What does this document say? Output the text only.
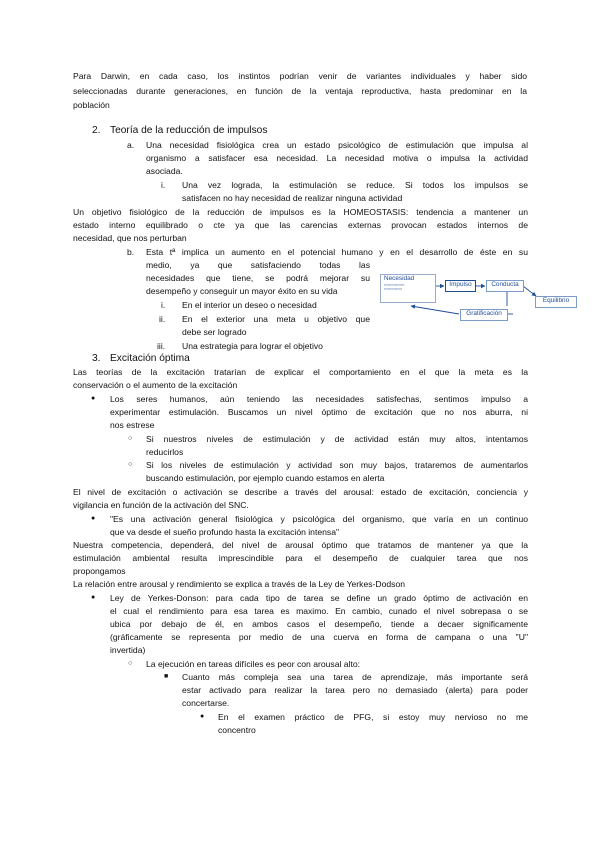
Para Darwin, en cada caso, los instintos podrían venir de variantes individuales y haber sido
seleccionadas durante generaciones, en función de la ventaja reproductiva, hasta predominar en la
población
2. Teoría de la reducción de impulsos
a. Una necesidad fisiológica crea un estado psicológico de estimulación que impulsa al
organismo a satisfacer esa necesidad. La necesidad motiva o impulsa la actividad
asociada.
i. Una vez lograda, la estimulación se reduce. Si todos los impulsos se
satisfacen no hay necesidad de realizar ninguna actividad
Un objetivo fisiológico de la reducción de impulsos es la HOMEOSTASIS: tendencia a mantener un
estado interno equilibrado o cte ya que las carencias externas provocan estados internos de
necesidad, que nos perturban
b. Esta tª implica un aumento en el potencial humano y en el desarrollo de éste en su
medio, ya que satisfaciendo todas las
necesidades que tiene, se podrá mejorar su
desempeño y conseguir un mayor éxito en su vida
i. En el interior un deseo o necesidad
ii. En el exterior una meta u objetivo que
debe ser logrado
iii. Una estrategia para lograr el objetivo
Necesidad
▪▪▪▪▪▪▪▪▪▪▪▪▪▪▪▪▪
▪▪▪▪▪▪▪▪▪▪▪▪▪▪▪
Impulso	Conducta
Equilibrio
Gratificación
3. Excitación óptima
Las teorías de la excitación tratarían de explicar el comportamiento en el que la meta es la
conservación o el aumento de la excitación
● Los seres humanos, aún teniendo las necesidades satisfechas, sentimos impulso a
experimentar estimulación. Buscamos un nivel óptimo de excitación que no nos aburra, ni
nos estrese
○ Si nuestros niveles de estimulación y de actividad están muy altos, intentamos
reducirlos
○ Si los niveles de estimulación y actividad son muy bajos, trataremos de aumentarlos
buscando estimulación, por ejemplo cuando estamos en alerta
El nivel de excitación o activación se describe a través del arousal: estado de excitación, conciencia y
vigilancia en función de la activación del SNC.
● "Es una activación general fisiológica y psicológica del organismo, que varía en un continuo
que va desde el sueño profundo hasta la excitación intensa"
Nuestra competencia, dependerá, del nivel de arousal óptimo que tratamos de mantener ya que la
estimulación ambiental resulta imprescindible para el desempeño de cualquier tarea que nos
propongamos
La relación entre arousal y rendimiento se explica a través de la Ley de Yerkes-Dodson
● Ley de Yerkes-Donson: para cada tipo de tarea se define un grado óptimo de activación en
el cual el rendimiento para esa tarea es maximo. En cambio, cunado el nivel sobrepasa o se
ubica por debajo de él, en ambos casos el desempeño, tiende a decaer significamente
(gráficamente se representa por medio de una cuerva en forma de campana o una "U"
invertida)
○ La ejecución en tareas difíciles es peor con arousal alto:
■ Cuanto más compleja sea una tarea de aprendizaje, más importante será
estar activado para realizar la tarea pero no demasiado (alerta) para poder
concertarse.
● En el examen práctico de PFG, si estoy muy nervioso no me
concentro
